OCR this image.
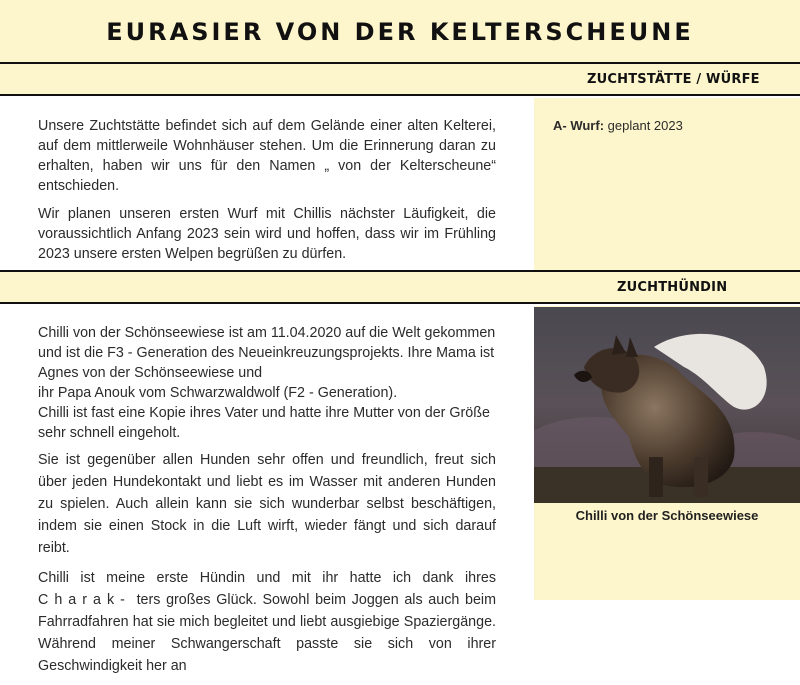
EURASIER VON DER KELTERSCHEUNE
ZUCHTSTÄTTE / WÜRFE

Unsere Zuchtstätte befindet sich auf dem Gelände einer alten Kelterei, auf dem mittlerweile Wohnhäuser stehen. Um die Erinnerung daran zu erhalten, haben wir uns für den Namen „ von der Kelterscheune“ entschieden.

Wir planen unseren ersten Wurf mit Chillis nächster Läufigkeit, die voraussichtlich Anfang 2023 sein wird und hoffen, dass wir im Frühling 2023 unsere ersten Welpen begrüßen zu dürfen.

A- Wurf: geplant 2023
ZUCHTHÜNDIN
Chilli von der Schönseewiese

Chilli von der Schönseewiese ist am 11.04.2020 auf die Welt gekommen und ist die F3 - Generation des Neueinkreuzungsprojekts. Ihre Mama ist Agnes von der Schönseewiese und
ihr Papa Anouk vom Schwarzwaldwolf (F2 - Generation).
Chilli ist fast eine Kopie ihres Vater und hatte ihre Mutter von der Größe sehr schnell eingeholt.

Sie ist gegenüber allen Hunden sehr offen und freundlich, freut sich über jeden Hundekontakt und liebt es im Wasser mit anderen Hunden zu spielen. Auch allein kann sie sich wunderbar selbst beschäftigen, indem sie einen Stock in die Luft wirft, wieder fängt und sich darauf reibt.

Chilli ist meine erste Hündin und mit ihr hatte ich dank ihres Charak- ters großes Glück. Sowohl beim Joggen als auch beim Fahrradfahren hat sie mich begleitet und liebt ausgiebige Spaziergänge. Während meiner Schwangerschaft passte sie sich von ihrer Geschwindigkeit her an
